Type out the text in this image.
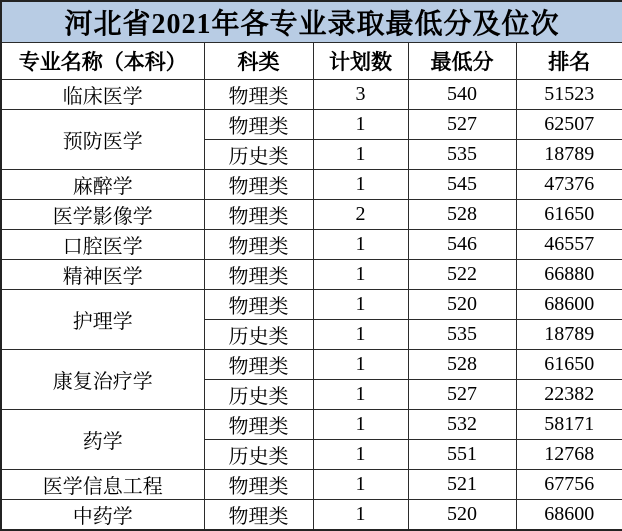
河北省2021年各专业录取最低分及位次				
专业名称（本科）	科类	计划数	最低分	排名
临床医学	物理类	3	540	51523
预防医学	物理类	1	527	62507
	历史类	1	535	18789
麻醉学	物理类	1	545	47376
医学影像学	物理类	2	528	61650
口腔医学	物理类	1	546	46557
精神医学	物理类	1	522	66880
护理学	物理类	1	520	68600
	历史类	1	535	18789
康复治疗学	物理类	1	528	61650
	历史类	1	527	22382
药学	物理类	1	532	58171
	历史类	1	551	12768
医学信息工程	物理类	1	521	67756
中药学	物理类	1	520	68600
